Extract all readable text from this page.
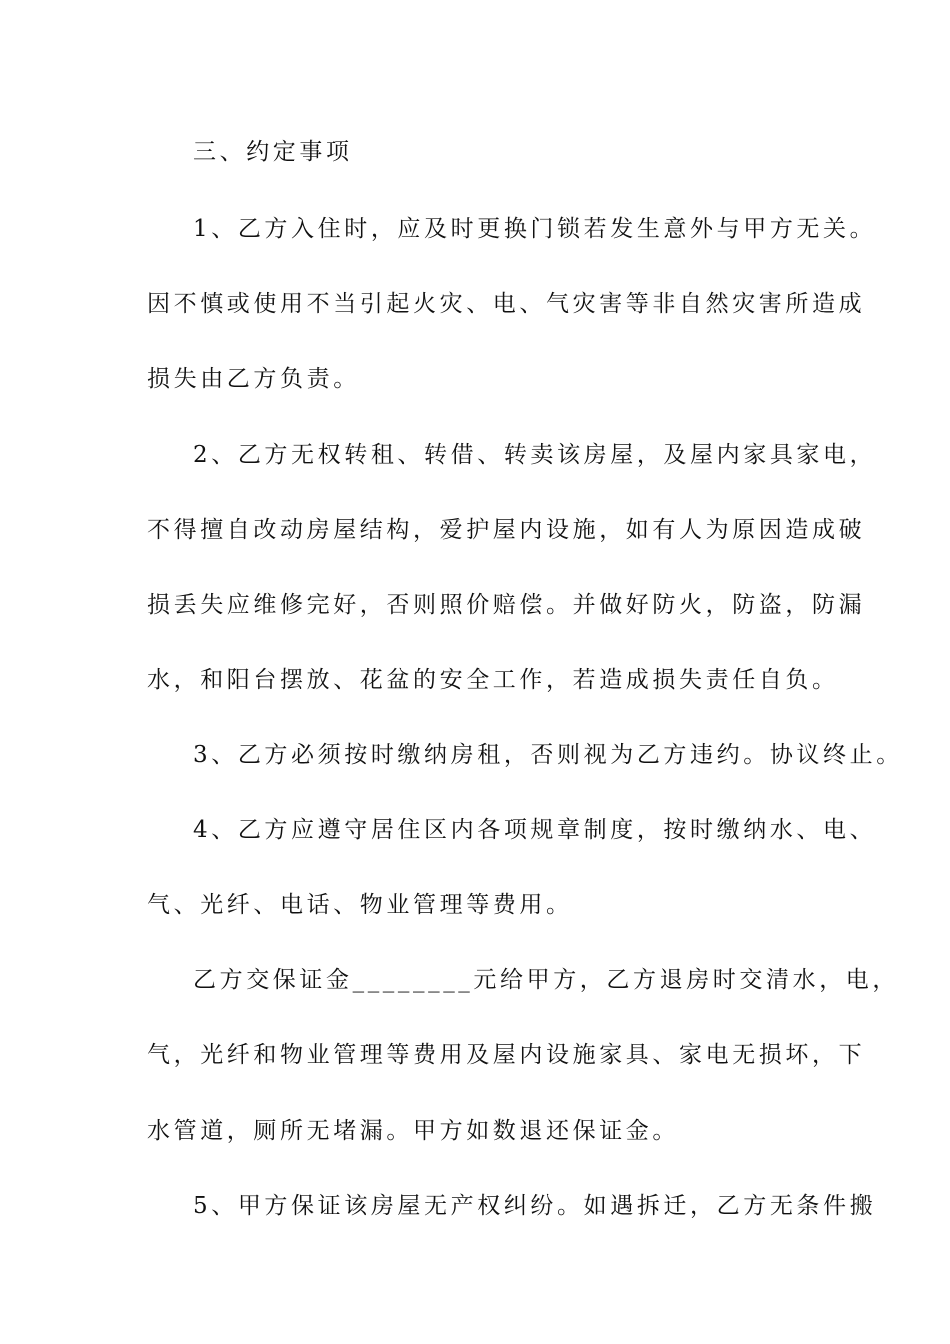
三、约定事项
1、乙方入住时，应及时更换门锁若发生意外与甲方无关。
因不慎或使用不当引起火灾、电、气灾害等非自然灾害所造成
损失由乙方负责。
2、乙方无权转租、转借、转卖该房屋，及屋内家具家电，
不得擅自改动房屋结构，爱护屋内设施，如有人为原因造成破
损丢失应维修完好，否则照价赔偿。并做好防火，防盗，防漏
水，和阳台摆放、花盆的安全工作，若造成损失责任自负。
3、乙方必须按时缴纳房租，否则视为乙方违约。协议终止。
4、乙方应遵守居住区内各项规章制度，按时缴纳水、电、
气、光纤、电话、物业管理等费用。
乙方交保证金________元给甲方，乙方退房时交清水，电，
气，光纤和物业管理等费用及屋内设施家具、家电无损坏，下
水管道，厕所无堵漏。甲方如数退还保证金。
5、甲方保证该房屋无产权纠纷。如遇拆迁，乙方无条件搬
